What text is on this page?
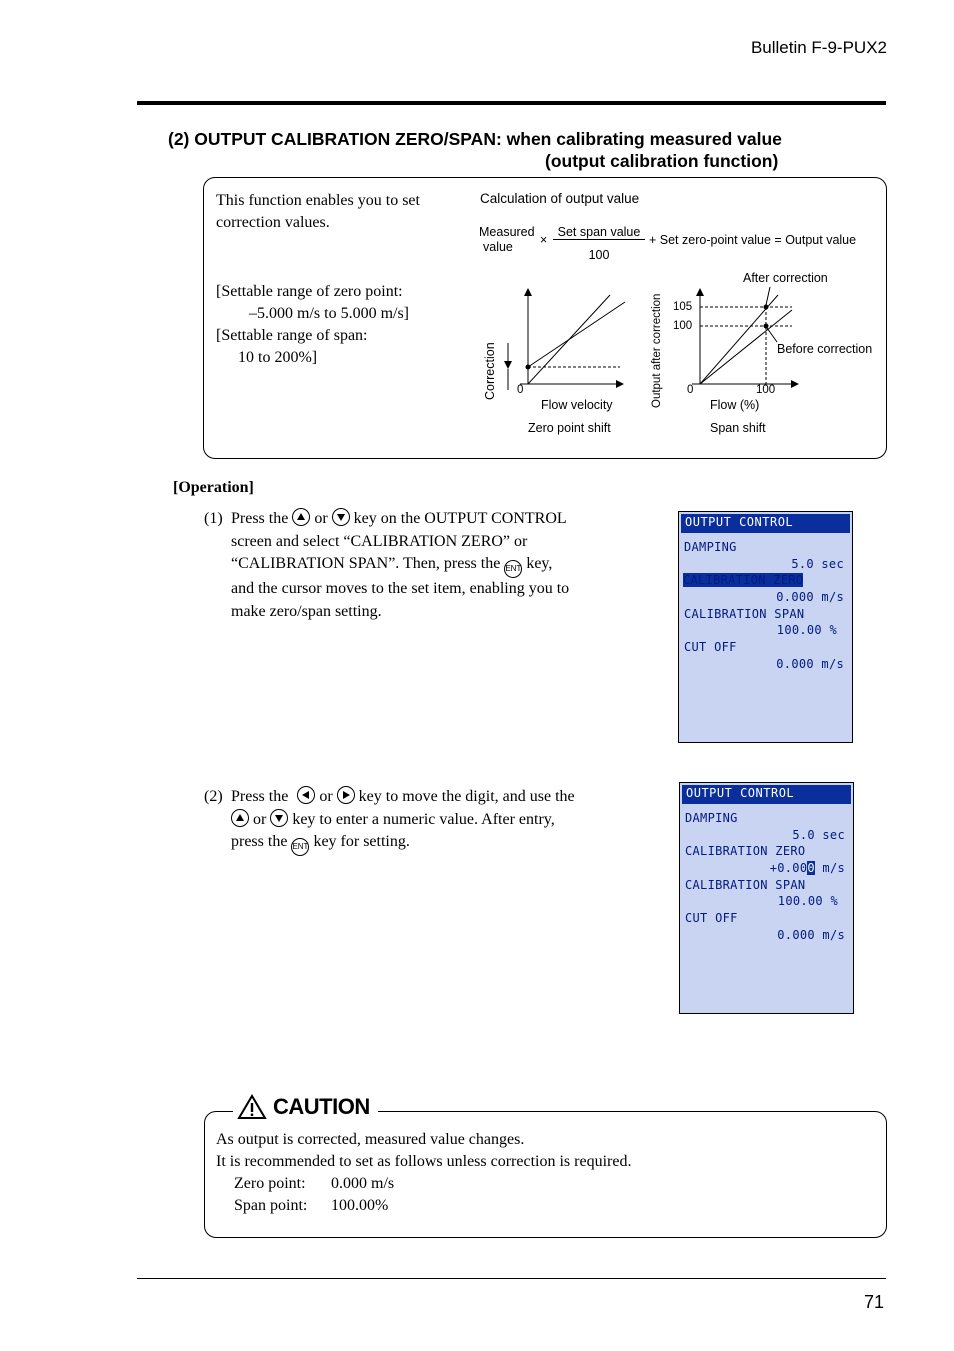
Bulletin F-9-PUX2
(2) OUTPUT CALIBRATION ZERO/SPAN: when calibrating measured value
(output calibration function)
This function enables you to set
correction values.
[Settable range of zero point:
–5.000 m/s to 5.000 m/s]
[Settable range of span:
10 to 200%]
Calculation of output value
Measured
value	×
Set span value
100
+ Set zero-point value = Output value
Correction 0
Flow velocity
Zero point shift
Output after correction 105
100
0	100
Flow (%)
After correction
Before correction
Span shift
[Operation]
(1) Press the or key on the OUTPUT CONTROL
screen and select “CALIBRATION ZERO” or
“CALIBRATION SPAN”. Then, press the ENT key,
and the cursor moves to the set item, enabling you to
make zero/span setting.
OUTPUT CONTROL
DAMPING
5.0 sec
CALIBRATION ZERO
0.000 m/s
CALIBRATION SPAN
100.00 %
CUT OFF
0.000 m/s
(2) Press the or key to move the digit, and use the
or key to enter a numeric value. After entry,
press the ENT key for setting.
OUTPUT CONTROL
DAMPING
5.0 sec
CALIBRATION ZERO
+0.000 m/s
CALIBRATION SPAN
100.00 %
CUT OFF
0.000 m/s
CAUTION
As output is corrected, measured value changes.
It is recommended to set as follows unless correction is required.
Zero point: 0.000 m/s
Span point: 100.00%
71
